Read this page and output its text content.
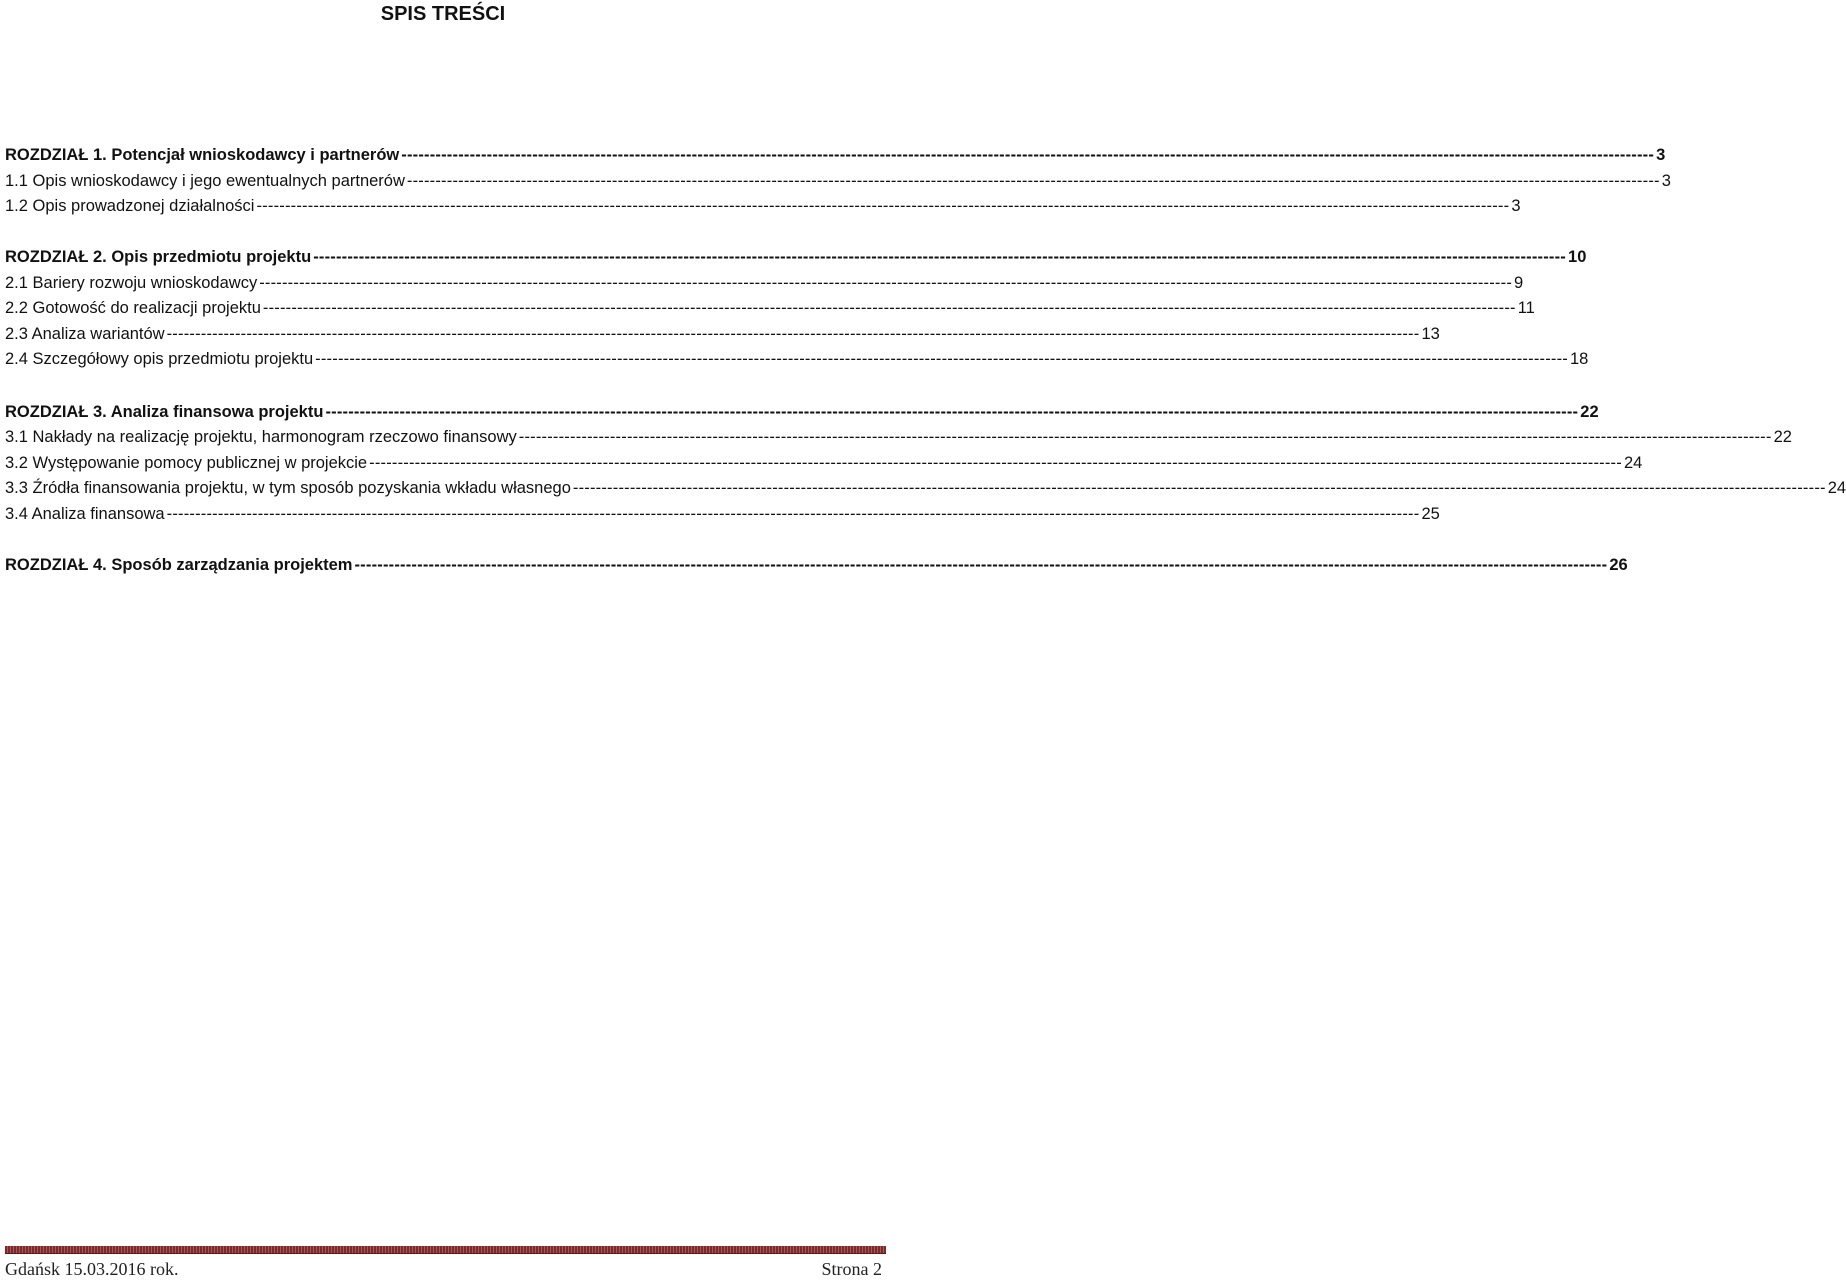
SPIS TREŚCI
ROZDZIAŁ 1. Potencjał wnioskodawcy i partnerów ---------------------------------------------------------------------------------------------------------------------------------------------------------------------------------------------------------------------------- 3
1.1 Opis wnioskodawcy i jego ewentualnych partnerów ---------------------------------------------------------------------------------------------------------------------------------------------------------------------------------------------------------------------------- 3
1.2 Opis prowadzonej działalności ---------------------------------------------------------------------------------------------------------------------------------------------------------------------------------------------------------------------------- 3
ROZDZIAŁ 2. Opis przedmiotu projektu ---------------------------------------------------------------------------------------------------------------------------------------------------------------------------------------------------------------------------- 10
2.1 Bariery rozwoju wnioskodawcy ---------------------------------------------------------------------------------------------------------------------------------------------------------------------------------------------------------------------------- 9
2.2 Gotowość do realizacji projektu ---------------------------------------------------------------------------------------------------------------------------------------------------------------------------------------------------------------------------- 11
2.3 Analiza wariantów ---------------------------------------------------------------------------------------------------------------------------------------------------------------------------------------------------------------------------- 13
2.4 Szczegółowy opis przedmiotu projektu ---------------------------------------------------------------------------------------------------------------------------------------------------------------------------------------------------------------------------- 18
ROZDZIAŁ 3. Analiza finansowa projektu ---------------------------------------------------------------------------------------------------------------------------------------------------------------------------------------------------------------------------- 22
3.1 Nakłady na realizację projektu, harmonogram rzeczowo finansowy ---------------------------------------------------------------------------------------------------------------------------------------------------------------------------------------------------------------------------- 22
3.2 Występowanie pomocy publicznej w projekcie ---------------------------------------------------------------------------------------------------------------------------------------------------------------------------------------------------------------------------- 24
3.3 Źródła finansowania projektu, w tym sposób pozyskania wkładu własnego ---------------------------------------------------------------------------------------------------------------------------------------------------------------------------------------------------------------------------- 24
3.4 Analiza finansowa ---------------------------------------------------------------------------------------------------------------------------------------------------------------------------------------------------------------------------- 25
ROZDZIAŁ 4. Sposób zarządzania projektem ---------------------------------------------------------------------------------------------------------------------------------------------------------------------------------------------------------------------------- 26
Gdańsk 15.03.2016 rok.	Strona 2
